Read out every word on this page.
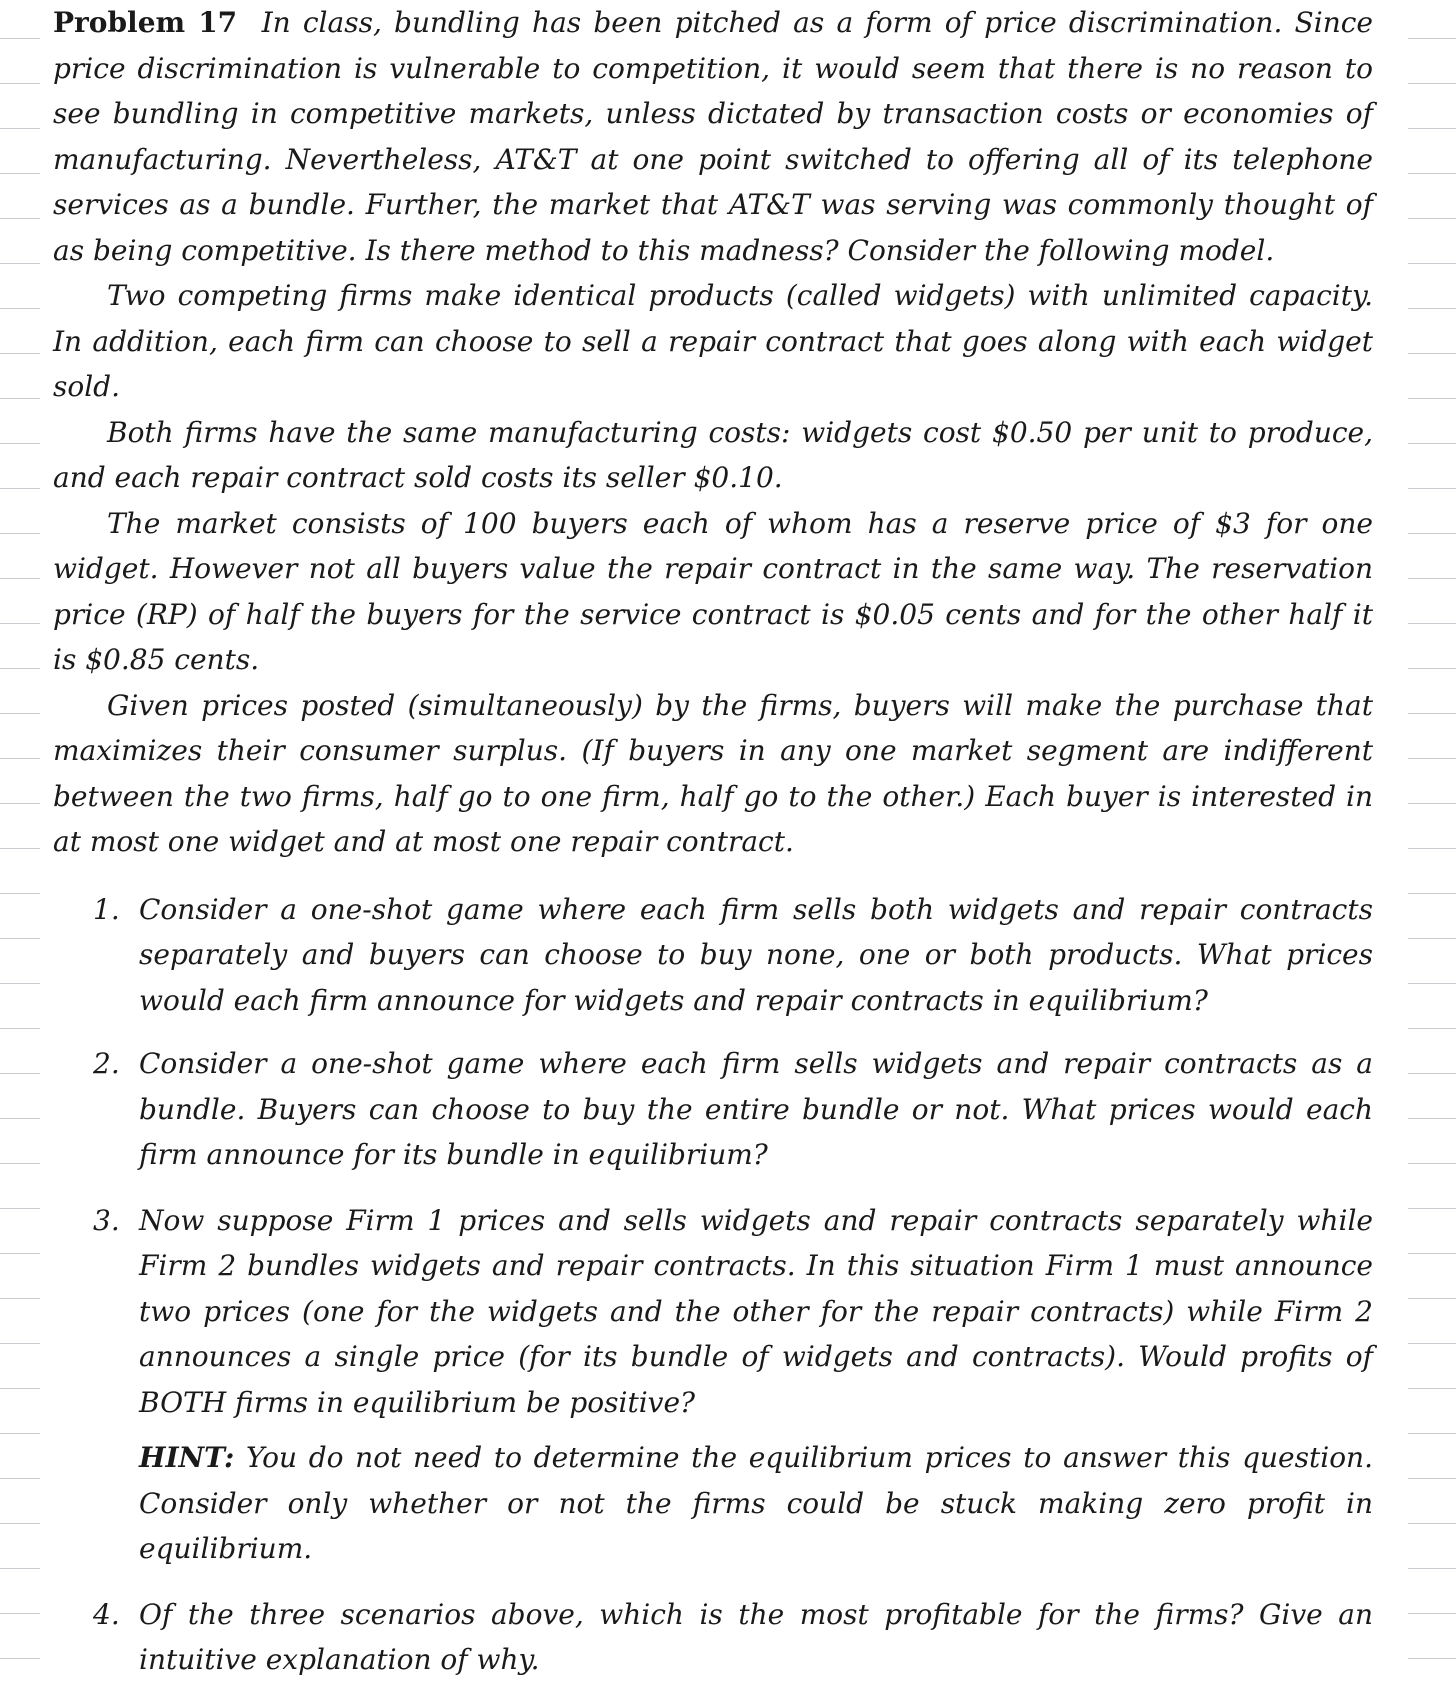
Problem 17 In class, bundling has been pitched as a form of price discrimination. Since price discrimination is vulnerable to competition, it would seem that there is no reason to see bundling in competitive markets, unless dictated by transaction costs or economies of manufacturing. Nevertheless, AT&T at one point switched to offering all of its telephone services as a bundle. Further, the market that AT&T was serving was commonly thought of as being competitive. Is there method to this madness? Consider the following model.

Two competing firms make identical products (called widgets) with unlimited capacity. In addition, each firm can choose to sell a repair contract that goes along with each widget sold.

Both firms have the same manufacturing costs: widgets cost $0.50 per unit to produce, and each repair contract sold costs its seller $0.10.

The market consists of 100 buyers each of whom has a reserve price of $3 for one widget. However not all buyers value the repair contract in the same way. The reservation price (RP) of half the buyers for the service contract is $0.05 cents and for the other half it is $0.85 cents.

Given prices posted (simultaneously) by the firms, buyers will make the purchase that maximizes their consumer surplus. (If buyers in any one market segment are indifferent between the two firms, half go to one firm, half go to the other.) Each buyer is interested in at most one widget and at most one repair contract.

1. Consider a one-shot game where each firm sells both widgets and repair contracts separately and buyers can choose to buy none, one or both products. What prices would each firm announce for widgets and repair contracts in equilibrium?
2. Consider a one-shot game where each firm sells widgets and repair contracts as a bundle. Buyers can choose to buy the entire bundle or not. What prices would each firm announce for its bundle in equilibrium?
3. Now suppose Firm 1 prices and sells widgets and repair contracts separately while Firm 2 bundles widgets and repair contracts. In this situation Firm 1 must announce two prices (one for the widgets and the other for the repair contracts) while Firm 2 announces a single price (for its bundle of widgets and contracts). Would profits of BOTH firms in equilibrium be positive?
HINT: You do not need to determine the equilibrium prices to answer this question. Consider only whether or not the firms could be stuck making zero profit in equilibrium.
4. Of the three scenarios above, which is the most profitable for the firms? Give an intuitive explanation of why.
